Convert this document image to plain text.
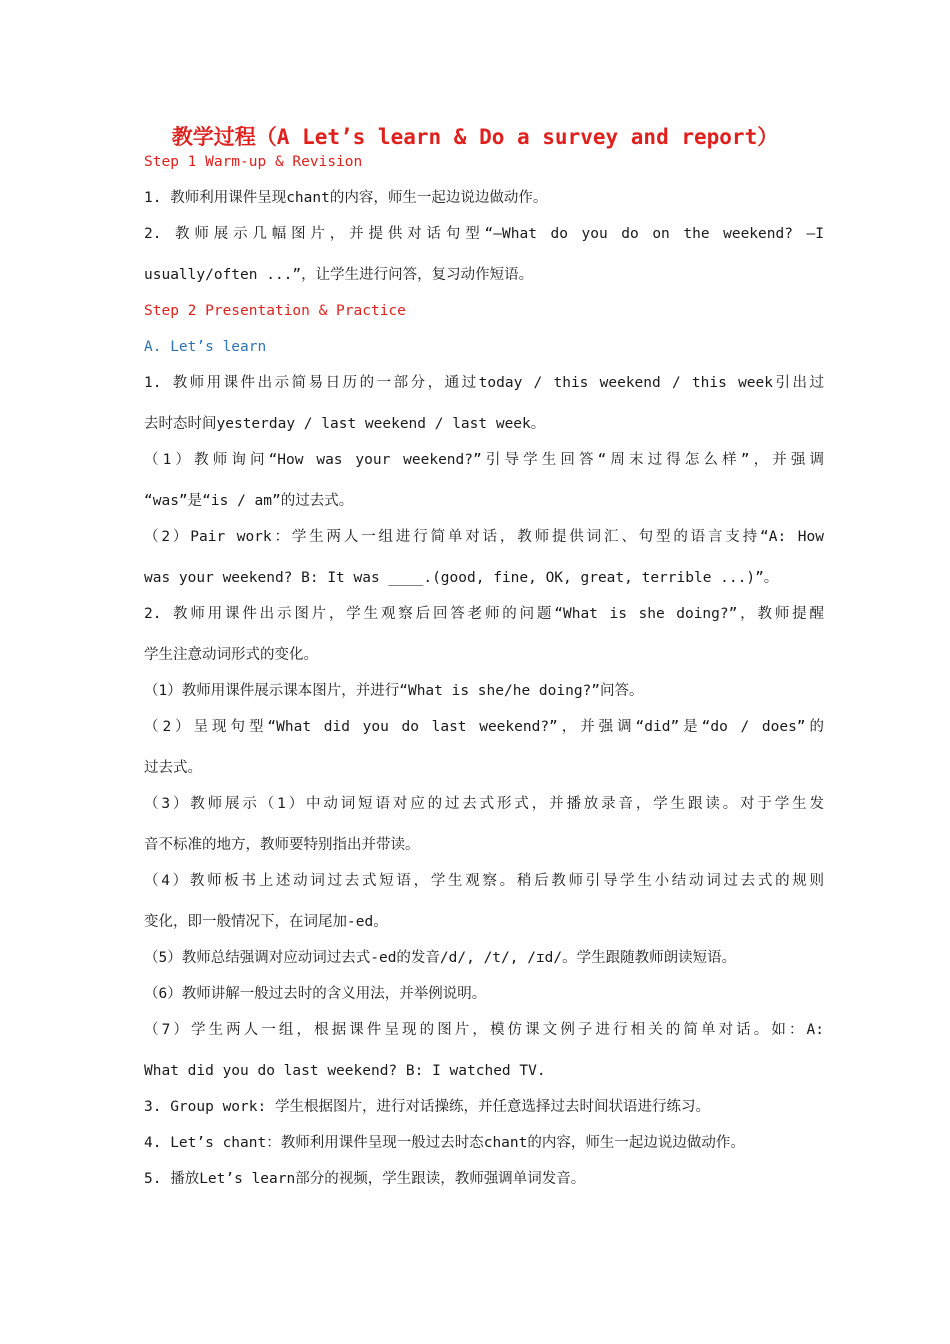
教学过程（A Let’s learn & Do a survey and report）
Step 1 Warm-up & Revision
1. 教师利用课件呈现chant的内容，师生一起边说边做动作。
2. 教师展示几幅图片，并提供对话句型“—What do you do on the weekend? —I
usually/often ...”，让学生进行问答，复习动作短语。
Step 2 Presentation & Practice
A. Let’s learn
1. 教师用课件出示简易日历的一部分，通过today / this weekend / this week引出过
去时态时间yesterday / last weekend / last week。
（1）教师询问“How was your weekend?”引导学生回答“周末过得怎么样”，并强调
“was”是“is / am”的过去式。
（2）Pair work：学生两人一组进行简单对话，教师提供词汇、句型的语言支持“A: How
was your weekend? B: It was ____.(good, fine, OK, great, terrible ...)”。
2. 教师用课件出示图片，学生观察后回答老师的问题“What is she doing?”，教师提醒
学生注意动词形式的变化。
（1）教师用课件展示课本图片，并进行“What is she/he doing?”问答。
（2）呈现句型“What did you do last weekend?”，并强调“did”是“do / does”的
过去式。
（3）教师展示（1）中动词短语对应的过去式形式，并播放录音，学生跟读。对于学生发
音不标准的地方，教师要特别指出并带读。
（4）教师板书上述动词过去式短语，学生观察。稍后教师引导学生小结动词过去式的规则
变化，即一般情况下，在词尾加-ed。
（5）教师总结强调对应动词过去式-ed的发音/d/, /t/, /ɪd/。学生跟随教师朗读短语。
（6）教师讲解一般过去时的含义用法，并举例说明。
（7）学生两人一组，根据课件呈现的图片，模仿课文例子进行相关的简单对话。如：A:
What did you do last weekend? B: I watched TV.
3. Group work: 学生根据图片，进行对话操练，并任意选择过去时间状语进行练习。
4. Let’s chant：教师利用课件呈现一般过去时态chant的内容，师生一起边说边做动作。
5. 播放Let’s learn部分的视频，学生跟读，教师强调单词发音。
